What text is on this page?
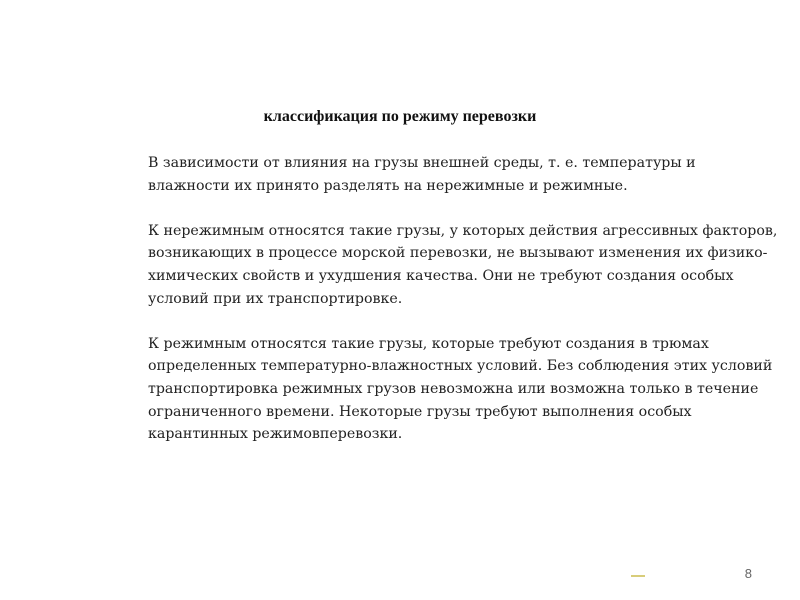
классификация по режиму перевозки

В зависимости от влияния на грузы внешней среды, т. е. температуры и влажности их принято разделять на нережимные и режимные.

К нережимным относятся такие грузы, у которых действия агрессивных факторов, возникающих в процессе морской перевозки, не вызывают изменения их физико-химических свойств и ухудшения качества. Они не требуют создания особых условий при их транспортировке.

К режимным относятся такие грузы, которые требуют создания в трюмах определенных температурно-влажностных условий. Без соблюдения этих условий транспортировка режимных грузов невозможна или возможна только в течение ограниченного времени. Некоторые грузы требуют выполнения особых карантинных режимовперевозки.

8
